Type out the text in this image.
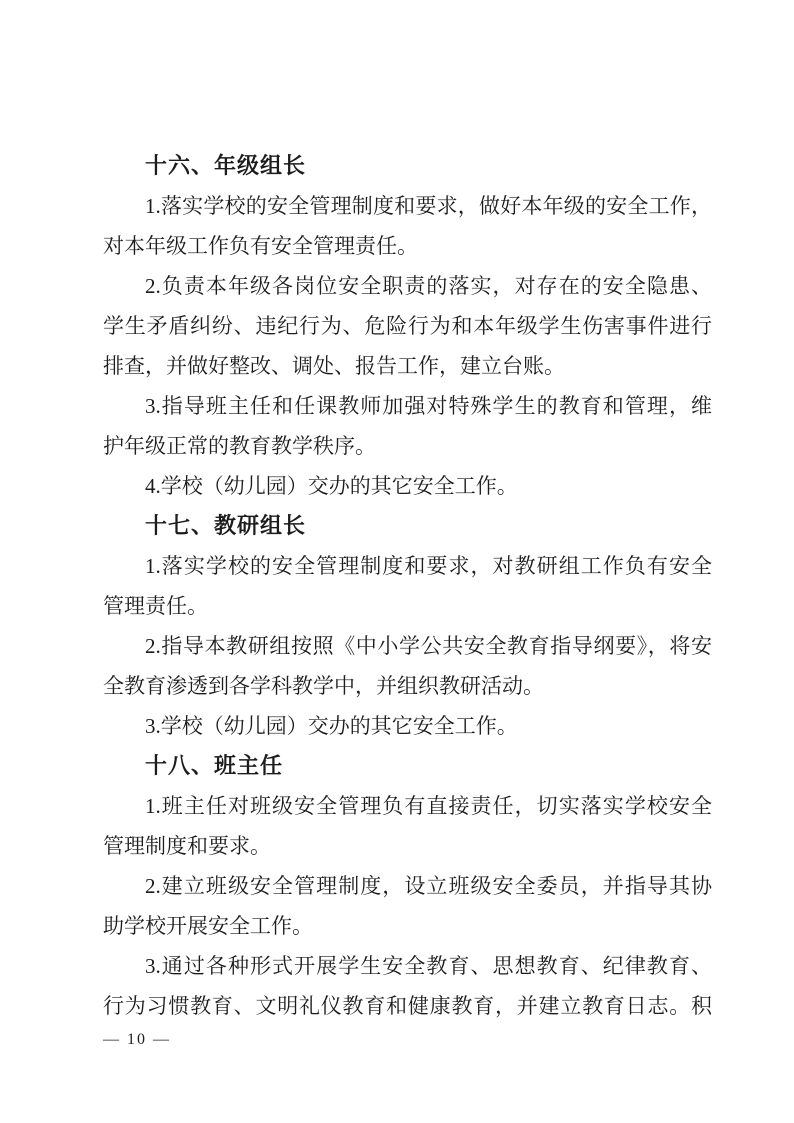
十六、年级组长
1.落实学校的安全管理制度和要求，做好本年级的安全工作，
对本年级工作负有安全管理责任。
2.负责本年级各岗位安全职责的落实，对存在的安全隐患、
学生矛盾纠纷、违纪行为、危险行为和本年级学生伤害事件进行
排查，并做好整改、调处、报告工作，建立台账。
3.指导班主任和任课教师加强对特殊学生的教育和管理，维
护年级正常的教育教学秩序。
4.学校（幼儿园）交办的其它安全工作。
十七、教研组长
1.落实学校的安全管理制度和要求，对教研组工作负有安全
管理责任。
2.指导本教研组按照《中小学公共安全教育指导纲要》，将安
全教育渗透到各学科教学中，并组织教研活动。
3.学校（幼儿园）交办的其它安全工作。
十八、班主任
1.班主任对班级安全管理负有直接责任，切实落实学校安全
管理制度和要求。
2.建立班级安全管理制度，设立班级安全委员，并指导其协
助学校开展安全工作。
3.通过各种形式开展学生安全教育、思想教育、纪律教育、
行为习惯教育、文明礼仪教育和健康教育，并建立教育日志。积
— 10 —
